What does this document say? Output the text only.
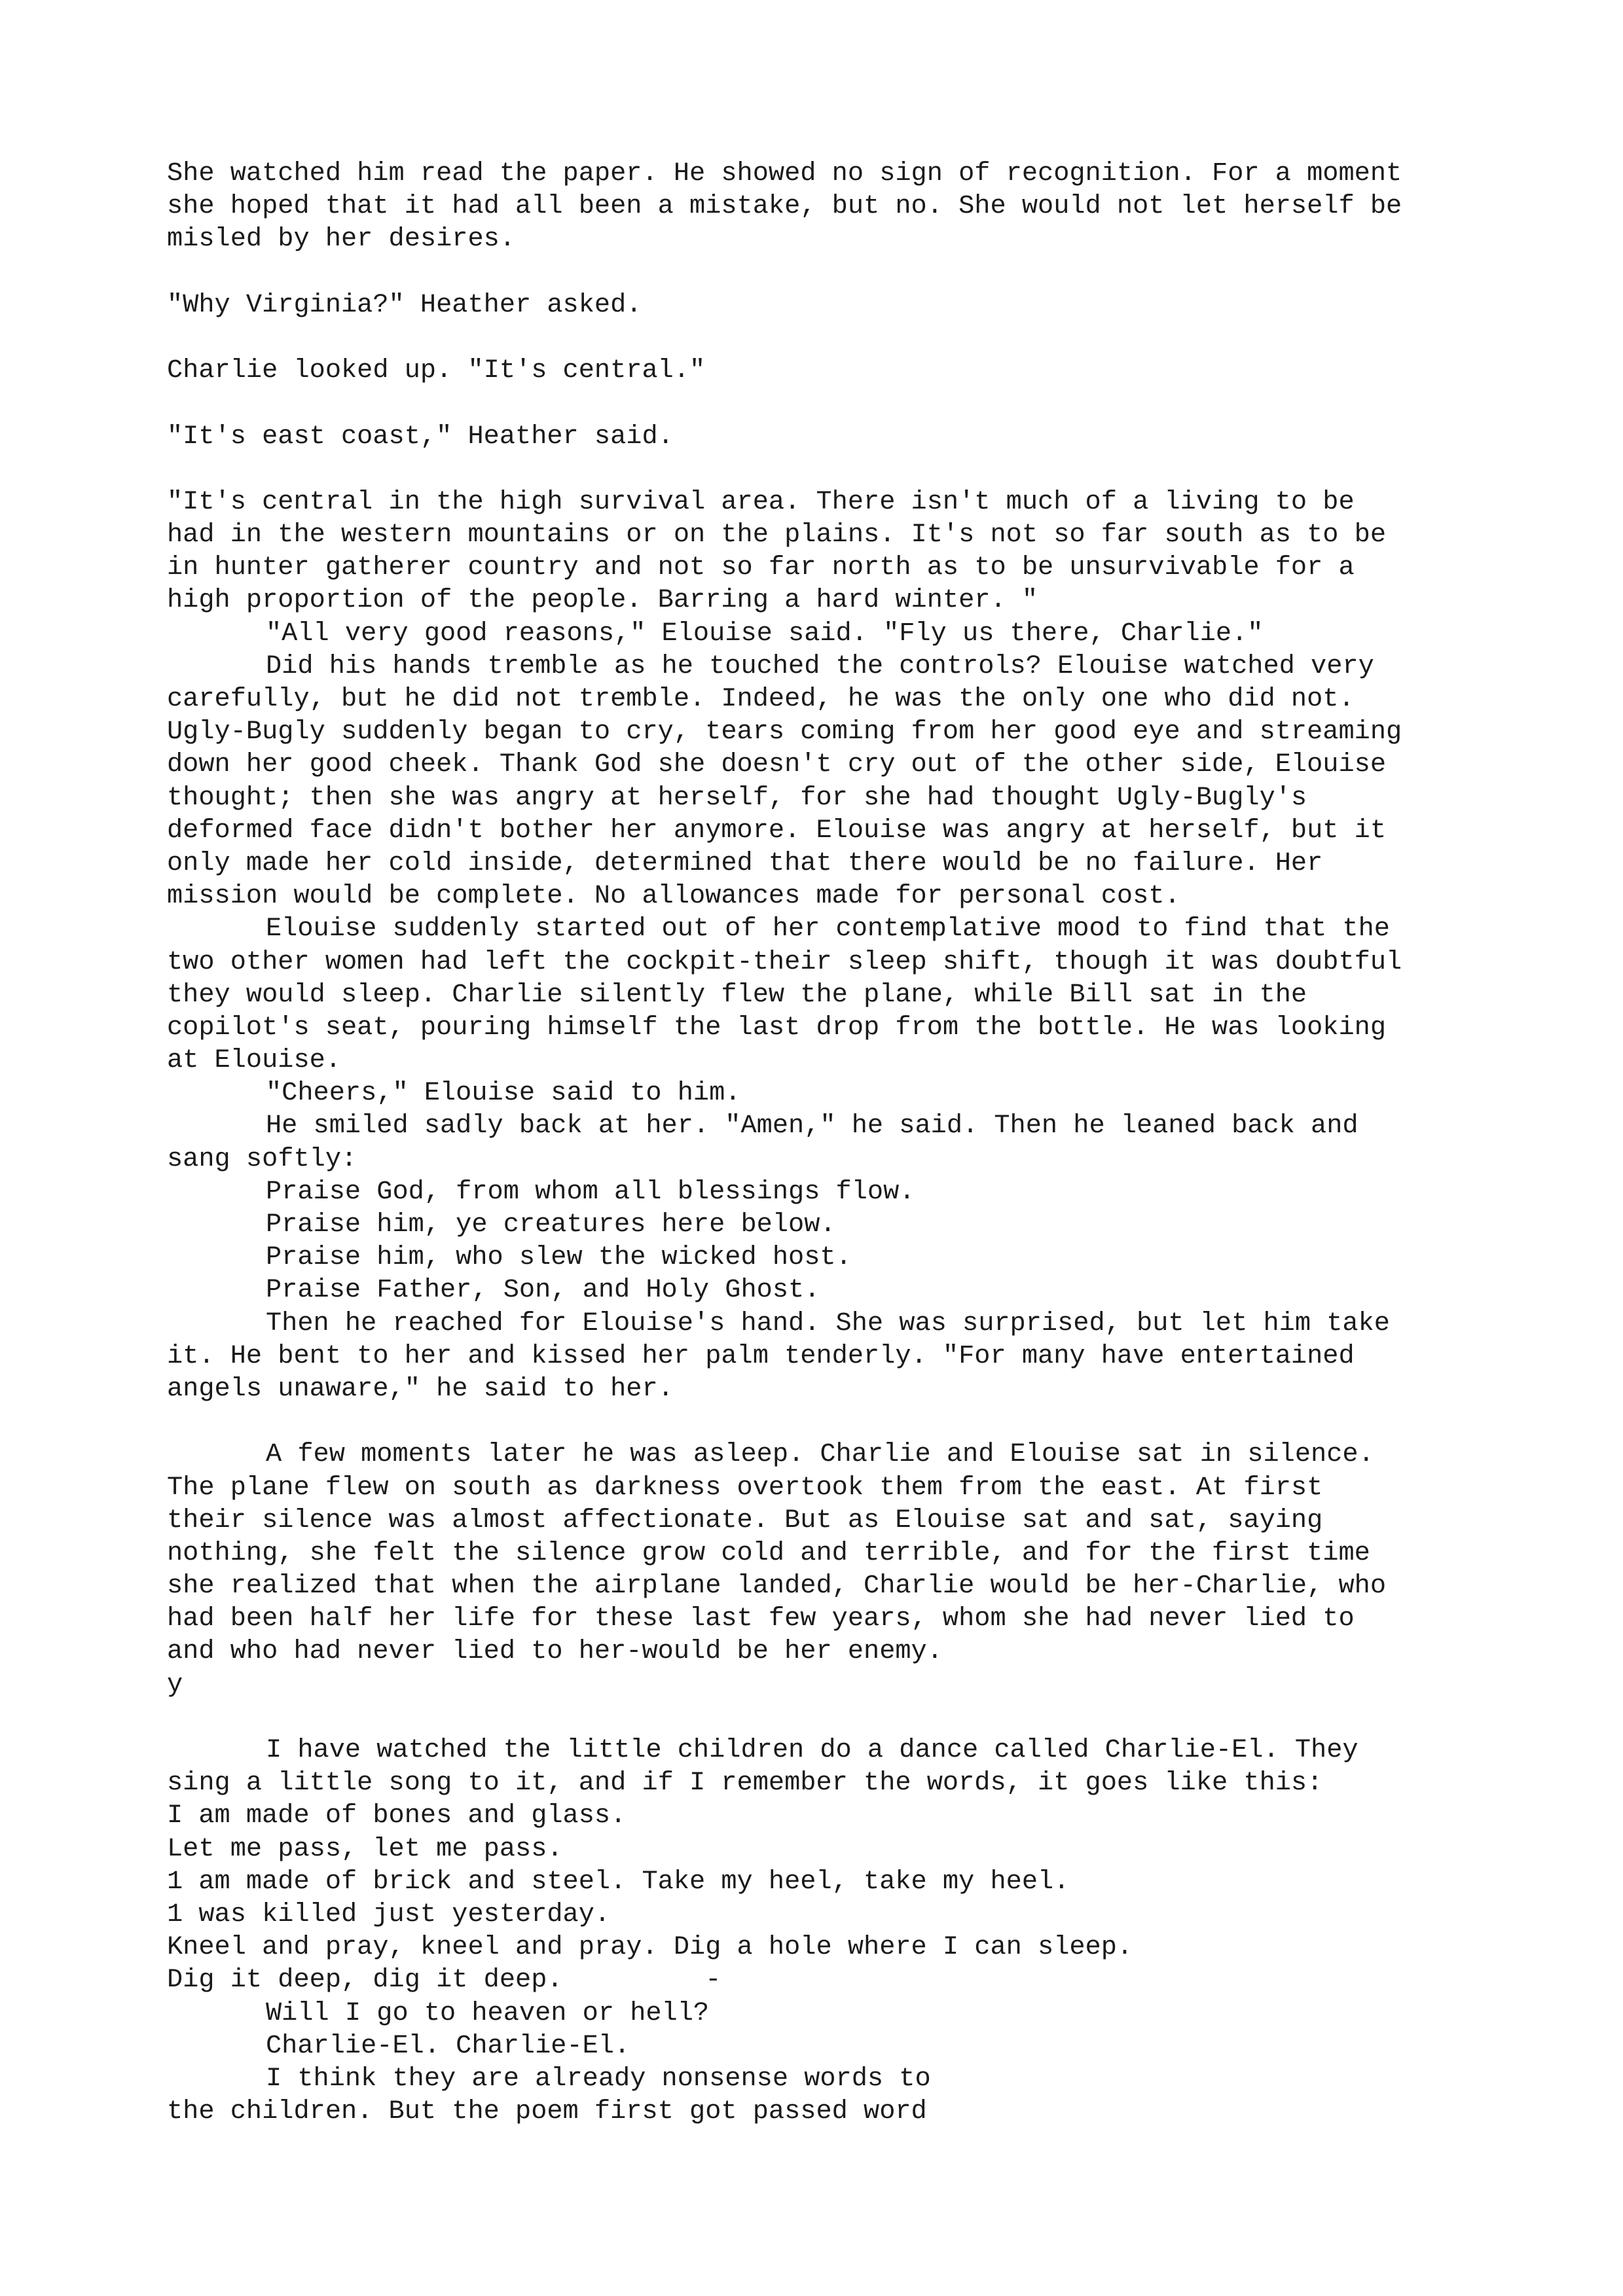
She watched him read the paper. He showed no sign of recognition. For a moment
she hoped that it had all been a mistake, but no. She would not let herself be
misled by her desires.
"Why Virginia?" Heather asked.
Charlie looked up. "It's central."
"It's east coast," Heather said.
"It's central in the high survival area. There isn't much of a living to be
had in the western mountains or on the plains. It's not so far south as to be
in hunter gatherer country and not so far north as to be unsurvivable for a
high proportion of the people. Barring a hard winter. "
"All very good reasons," Elouise said. "Fly us there, Charlie."
Did his hands tremble as he touched the controls? Elouise watched very
carefully, but he did not tremble. Indeed, he was the only one who did not.
Ugly-Bugly suddenly began to cry, tears coming from her good eye and streaming
down her good cheek. Thank God she doesn't cry out of the other side, Elouise
thought; then she was angry at herself, for she had thought Ugly-Bugly's
deformed face didn't bother her anymore. Elouise was angry at herself, but it
only made her cold inside, determined that there would be no failure. Her
mission would be complete. No allowances made for personal cost.
Elouise suddenly started out of her contemplative mood to find that the
two other women had left the cockpit-their sleep shift, though it was doubtful
they would sleep. Charlie silently flew the plane, while Bill sat in the
copilot's seat, pouring himself the last drop from the bottle. He was looking
at Elouise.
"Cheers," Elouise said to him.
He smiled sadly back at her. "Amen," he said. Then he leaned back and
sang softly:
Praise God, from whom all blessings flow.
Praise him, ye creatures here below.
Praise him, who slew the wicked host.
Praise Father, Son, and Holy Ghost.
Then he reached for Elouise's hand. She was surprised, but let him take
it. He bent to her and kissed her palm tenderly. "For many have entertained
angels unaware," he said to her.
A few moments later he was asleep. Charlie and Elouise sat in silence.
The plane flew on south as darkness overtook them from the east. At first
their silence was almost affectionate. But as Elouise sat and sat, saying
nothing, she felt the silence grow cold and terrible, and for the first time
she realized that when the airplane landed, Charlie would be her-Charlie, who
had been half her life for these last few years, whom she had never lied to
and who had never lied to her-would be her enemy.
y
I have watched the little children do a dance called Charlie-El. They
sing a little song to it, and if I remember the words, it goes like this:
I am made of bones and glass.
Let me pass, let me pass.
1 am made of brick and steel. Take my heel, take my heel.
1 was killed just yesterday.
Kneel and pray, kneel and pray. Dig a hole where I can sleep.
Dig it deep, dig it deep.         -
Will I go to heaven or hell?
Charlie-El. Charlie-El.
I think they are already nonsense words to
the children. But the poem first got passed word
